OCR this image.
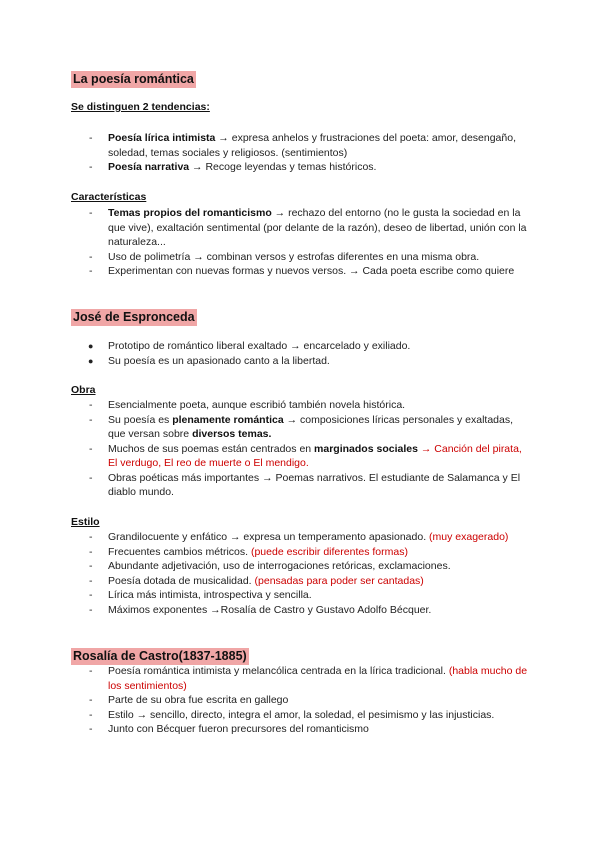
La poesía romántica
Se distinguen 2 tendencias:
- Poesía lírica intimista → expresa anhelos y frustraciones del poeta: amor, desengaño, soledad, temas sociales y religiosos. (sentimientos)
- Poesía narrativa → Recoge leyendas y temas históricos.
Características
- Temas propios del romanticismo → rechazo del entorno (no le gusta la sociedad en la que vive), exaltación sentimental (por delante de la razón), deseo de libertad, unión con la naturaleza...
- Uso de polimetría → combinan versos y estrofas diferentes en una misma obra.
- Experimentan con nuevas formas y nuevos versos. → Cada poeta escribe como quiere
José de Espronceda
● Prototipo de romántico liberal exaltado → encarcelado y exiliado.
● Su poesía es un apasionado canto a la libertad.
Obra
- Esencialmente poeta, aunque escribió también novela histórica.
- Su poesía es plenamente romántica → composiciones líricas personales y exaltadas, que versan sobre diversos temas.
- Muchos de sus poemas están centrados en marginados sociales → Canción del pirata, El verdugo, El reo de muerte o El mendigo.
- Obras poéticas más importantes → Poemas narrativos. El estudiante de Salamanca y El diablo mundo.
Estilo
- Grandilocuente y enfático → expresa un temperamento apasionado. (muy exagerado)
- Frecuentes cambios métricos. (puede escribir diferentes formas)
- Abundante adjetivación, uso de interrogaciones retóricas, exclamaciones.
- Poesía dotada de musicalidad. (pensadas para poder ser cantadas)
- Lírica más intimista, introspectiva y sencilla.
- Máximos exponentes →Rosalía de Castro y Gustavo Adolfo Bécquer.
Rosalía de Castro(1837-1885)
- Poesía romántica intimista y melancólica centrada en la lírica tradicional. (habla mucho de los sentimientos)
- Parte de su obra fue escrita en gallego
- Estilo → sencillo, directo, integra el amor, la soledad, el pesimismo y las injusticias.
- Junto con Bécquer fueron precursores del romanticismo
